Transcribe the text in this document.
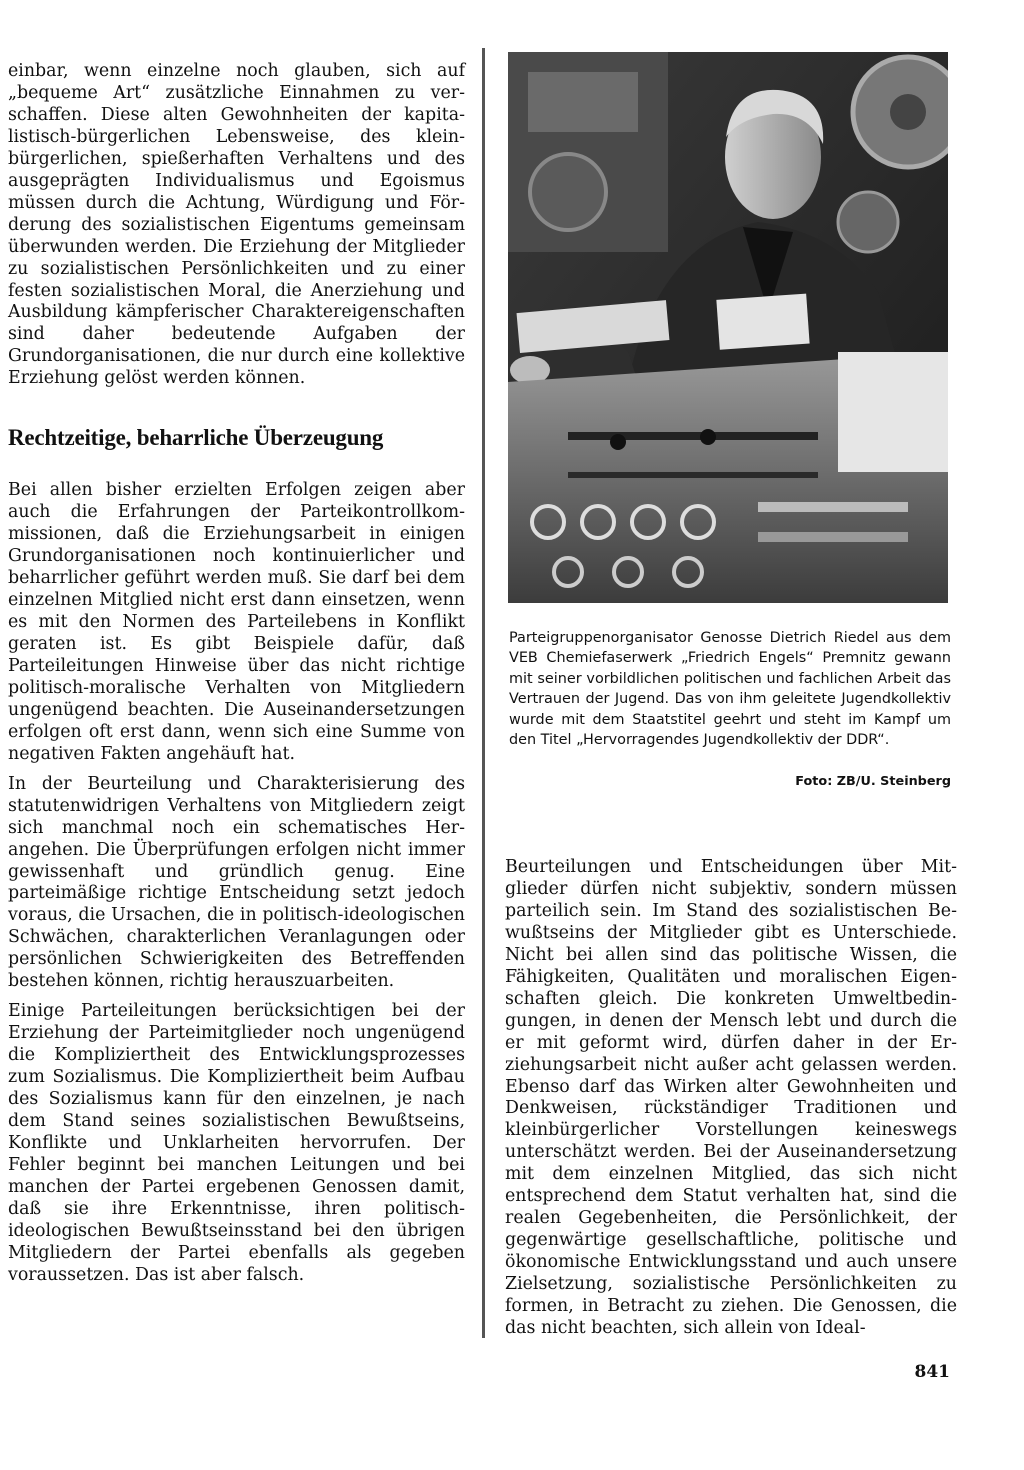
einbar, wenn einzelne noch glauben, sich auf „bequeme Art“ zusätzliche Einnahmen zu verschaffen. Diese alten Gewohnheiten der kapitalistisch-bürgerlichen Lebensweise, des kleinbürgerlichen, spießerhaften Verhaltens und des ausgeprägten Individualismus und Egoismus müssen durch die Achtung, Würdigung und Förderung des sozialistischen Eigentums gemeinsam überwunden werden. Die Erziehung der Mitglieder zu sozialistischen Persönlichkeiten und zu einer festen sozialistischen Moral, die Anerziehung und Ausbildung kämpferischer Charaktereigenschaften sind daher bedeutende Aufgaben der Grundorganisationen, die nur durch eine kollektive Erziehung gelöst werden können.

Rechtzeitige, beharrliche Überzeugung

Bei allen bisher erzielten Erfolgen zeigen aber auch die Erfahrungen der Parteikontrollkommissionen, daß die Erziehungsarbeit in einigen Grundorganisationen noch kontinuierlicher und beharrlicher geführt werden muß. Sie darf bei dem einzelnen Mitglied nicht erst dann einsetzen, wenn es mit den Normen des Parteilebens in Konflikt geraten ist. Es gibt Beispiele dafür, daß Parteileitungen Hinweise über das nicht richtige politisch-moralische Verhalten von Mitgliedern ungenügend beachten. Die Auseinandersetzungen erfolgen oft erst dann, wenn sich eine Summe von negativen Fakten angehäuft hat.

In der Beurteilung und Charakterisierung des statutenwidrigen Verhaltens von Mitgliedern zeigt sich manchmal noch ein schematisches Herangehen. Die Überprüfungen erfolgen nicht immer gewissenhaft und gründlich genug. Eine parteimäßige richtige Entscheidung setzt jedoch voraus, die Ursachen, die in politisch-ideologischen Schwächen, charakterlichen Veranlagungen oder persönlichen Schwierigkeiten des Betreffenden bestehen können, richtig herauszuarbeiten.

Einige Parteileitungen berücksichtigen bei der Erziehung der Parteimitglieder noch ungenügend die Kompliziertheit des Entwicklungsprozesses zum Sozialismus. Die Kompliziertheit beim Aufbau des Sozialismus kann für den einzelnen, je nach dem Stand seines sozialistischen Bewußtseins, Konflikte und Unklarheiten hervorrufen. Der Fehler beginnt bei manchen Leitungen und bei manchen der Partei ergebenen Genossen damit, daß sie ihre Erkenntnisse, ihren politisch-ideologischen Bewußtseinsstand bei den übrigen Mitgliedern der Partei ebenfalls als gegeben voraussetzen. Das ist aber falsch.

Parteigruppenorganisator Genosse Dietrich Riedel aus dem VEB Chemiefaserwerk „Friedrich Engels“ Premnitz gewann mit seiner vorbildlichen politischen und fachlichen Arbeit das Vertrauen der Jugend. Das von ihm geleitete Jugendkollektiv wurde mit dem Staatstitel geehrt und steht im Kampf um den Titel „Hervorragendes Jugendkollektiv der DDR“.
Foto: ZB/U. Steinberg

Beurteilungen und Entscheidungen über Mitglieder dürfen nicht subjektiv, sondern müssen parteilich sein. Im Stand des sozialistischen Bewußtseins der Mitglieder gibt es Unterschiede. Nicht bei allen sind das politische Wissen, die Fähigkeiten, Qualitäten und moralischen Eigenschaften gleich. Die konkreten Umweltbedingungen, in denen der Mensch lebt und durch die er mit geformt wird, dürfen daher in der Erziehungsarbeit nicht außer acht gelassen werden. Ebenso darf das Wirken alter Gewohnheiten und Denkweisen, rückständiger Traditionen und kleinbürgerlicher Vorstellungen keineswegs unterschätzt werden. Bei der Auseinandersetzung mit dem einzelnen Mitglied, das sich nicht entsprechend dem Statut verhalten hat, sind die realen Gegebenheiten, die Persönlichkeit, der gegenwärtige gesellschaftliche, politische und ökonomische Entwicklungsstand und auch unsere Zielsetzung, sozialistische Persönlichkeiten zu formen, in Betracht zu ziehen. Die Genossen, die das nicht beachten, sich allein von Ideal-

841
